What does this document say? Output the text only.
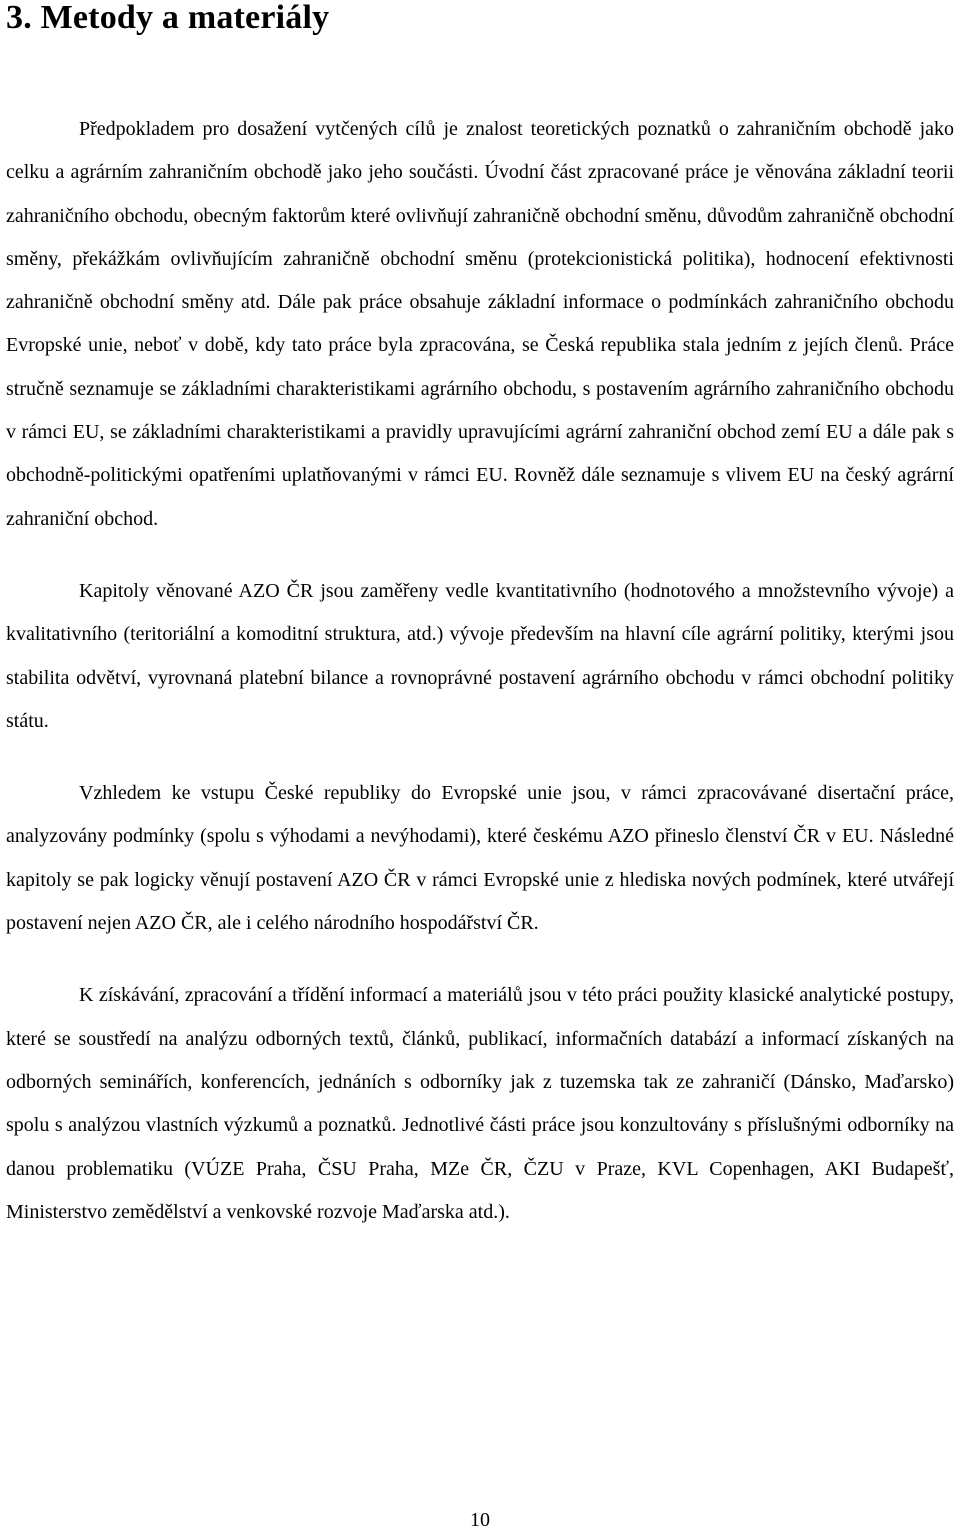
3. Metody a materiály

Předpokladem pro dosažení vytčených cílů je znalost teoretických poznatků o zahraničním obchodě jako celku a agrárním zahraničním obchodě jako jeho součásti. Úvodní část zpracované práce je věnována základní teorii zahraničního obchodu, obecným faktorům které ovlivňují zahraničně obchodní směnu, důvodům zahraničně obchodní směny, překážkám ovlivňujícím zahraničně obchodní směnu (protekcionistická politika), hodnocení efektivnosti zahraničně obchodní směny atd. Dále pak práce obsahuje základní informace o podmínkách zahraničního obchodu Evropské unie, neboť v době, kdy tato práce byla zpracována, se Česká republika stala jedním z jejích členů. Práce stručně seznamuje se základními charakteristikami agrárního obchodu, s postavením agrárního zahraničního obchodu v rámci EU, se základními charakteristikami a pravidly upravujícími agrární zahraniční obchod zemí EU a dále pak s obchodně-politickými opatřeními uplatňovanými v rámci EU. Rovněž dále seznamuje s vlivem EU na český agrární zahraniční obchod.

Kapitoly věnované AZO ČR jsou zaměřeny vedle kvantitativního (hodnotového a množstevního vývoje) a kvalitativního (teritoriální a komoditní struktura, atd.) vývoje především na hlavní cíle agrární politiky, kterými jsou stabilita odvětví, vyrovnaná platební bilance a rovnoprávné postavení agrárního obchodu v rámci obchodní politiky státu.

Vzhledem ke vstupu České republiky do Evropské unie jsou, v rámci zpracovávané disertační práce, analyzovány podmínky (spolu s výhodami a nevýhodami), které českému AZO přineslo členství ČR v EU. Následné kapitoly se pak logicky věnují postavení AZO ČR v rámci Evropské unie z hlediska nových podmínek, které utvářejí postavení nejen AZO ČR, ale i celého národního hospodářství ČR.

K získávání, zpracování a třídění informací a materiálů jsou v této práci použity klasické analytické postupy, které se soustředí na analýzu odborných textů, článků, publikací, informačních databází a informací získaných na odborných seminářích, konferencích, jednáních s odborníky jak z tuzemska tak ze zahraničí (Dánsko, Maďarsko) spolu s analýzou vlastních výzkumů a poznatků. Jednotlivé části práce jsou konzultovány s příslušnými odborníky na danou problematiku (VÚZE Praha, ČSU Praha, MZe ČR, ČZU v Praze, KVL Copenhagen, AKI Budapešť, Ministerstvo zemědělství a venkovské rozvoje Maďarska atd.).

10
